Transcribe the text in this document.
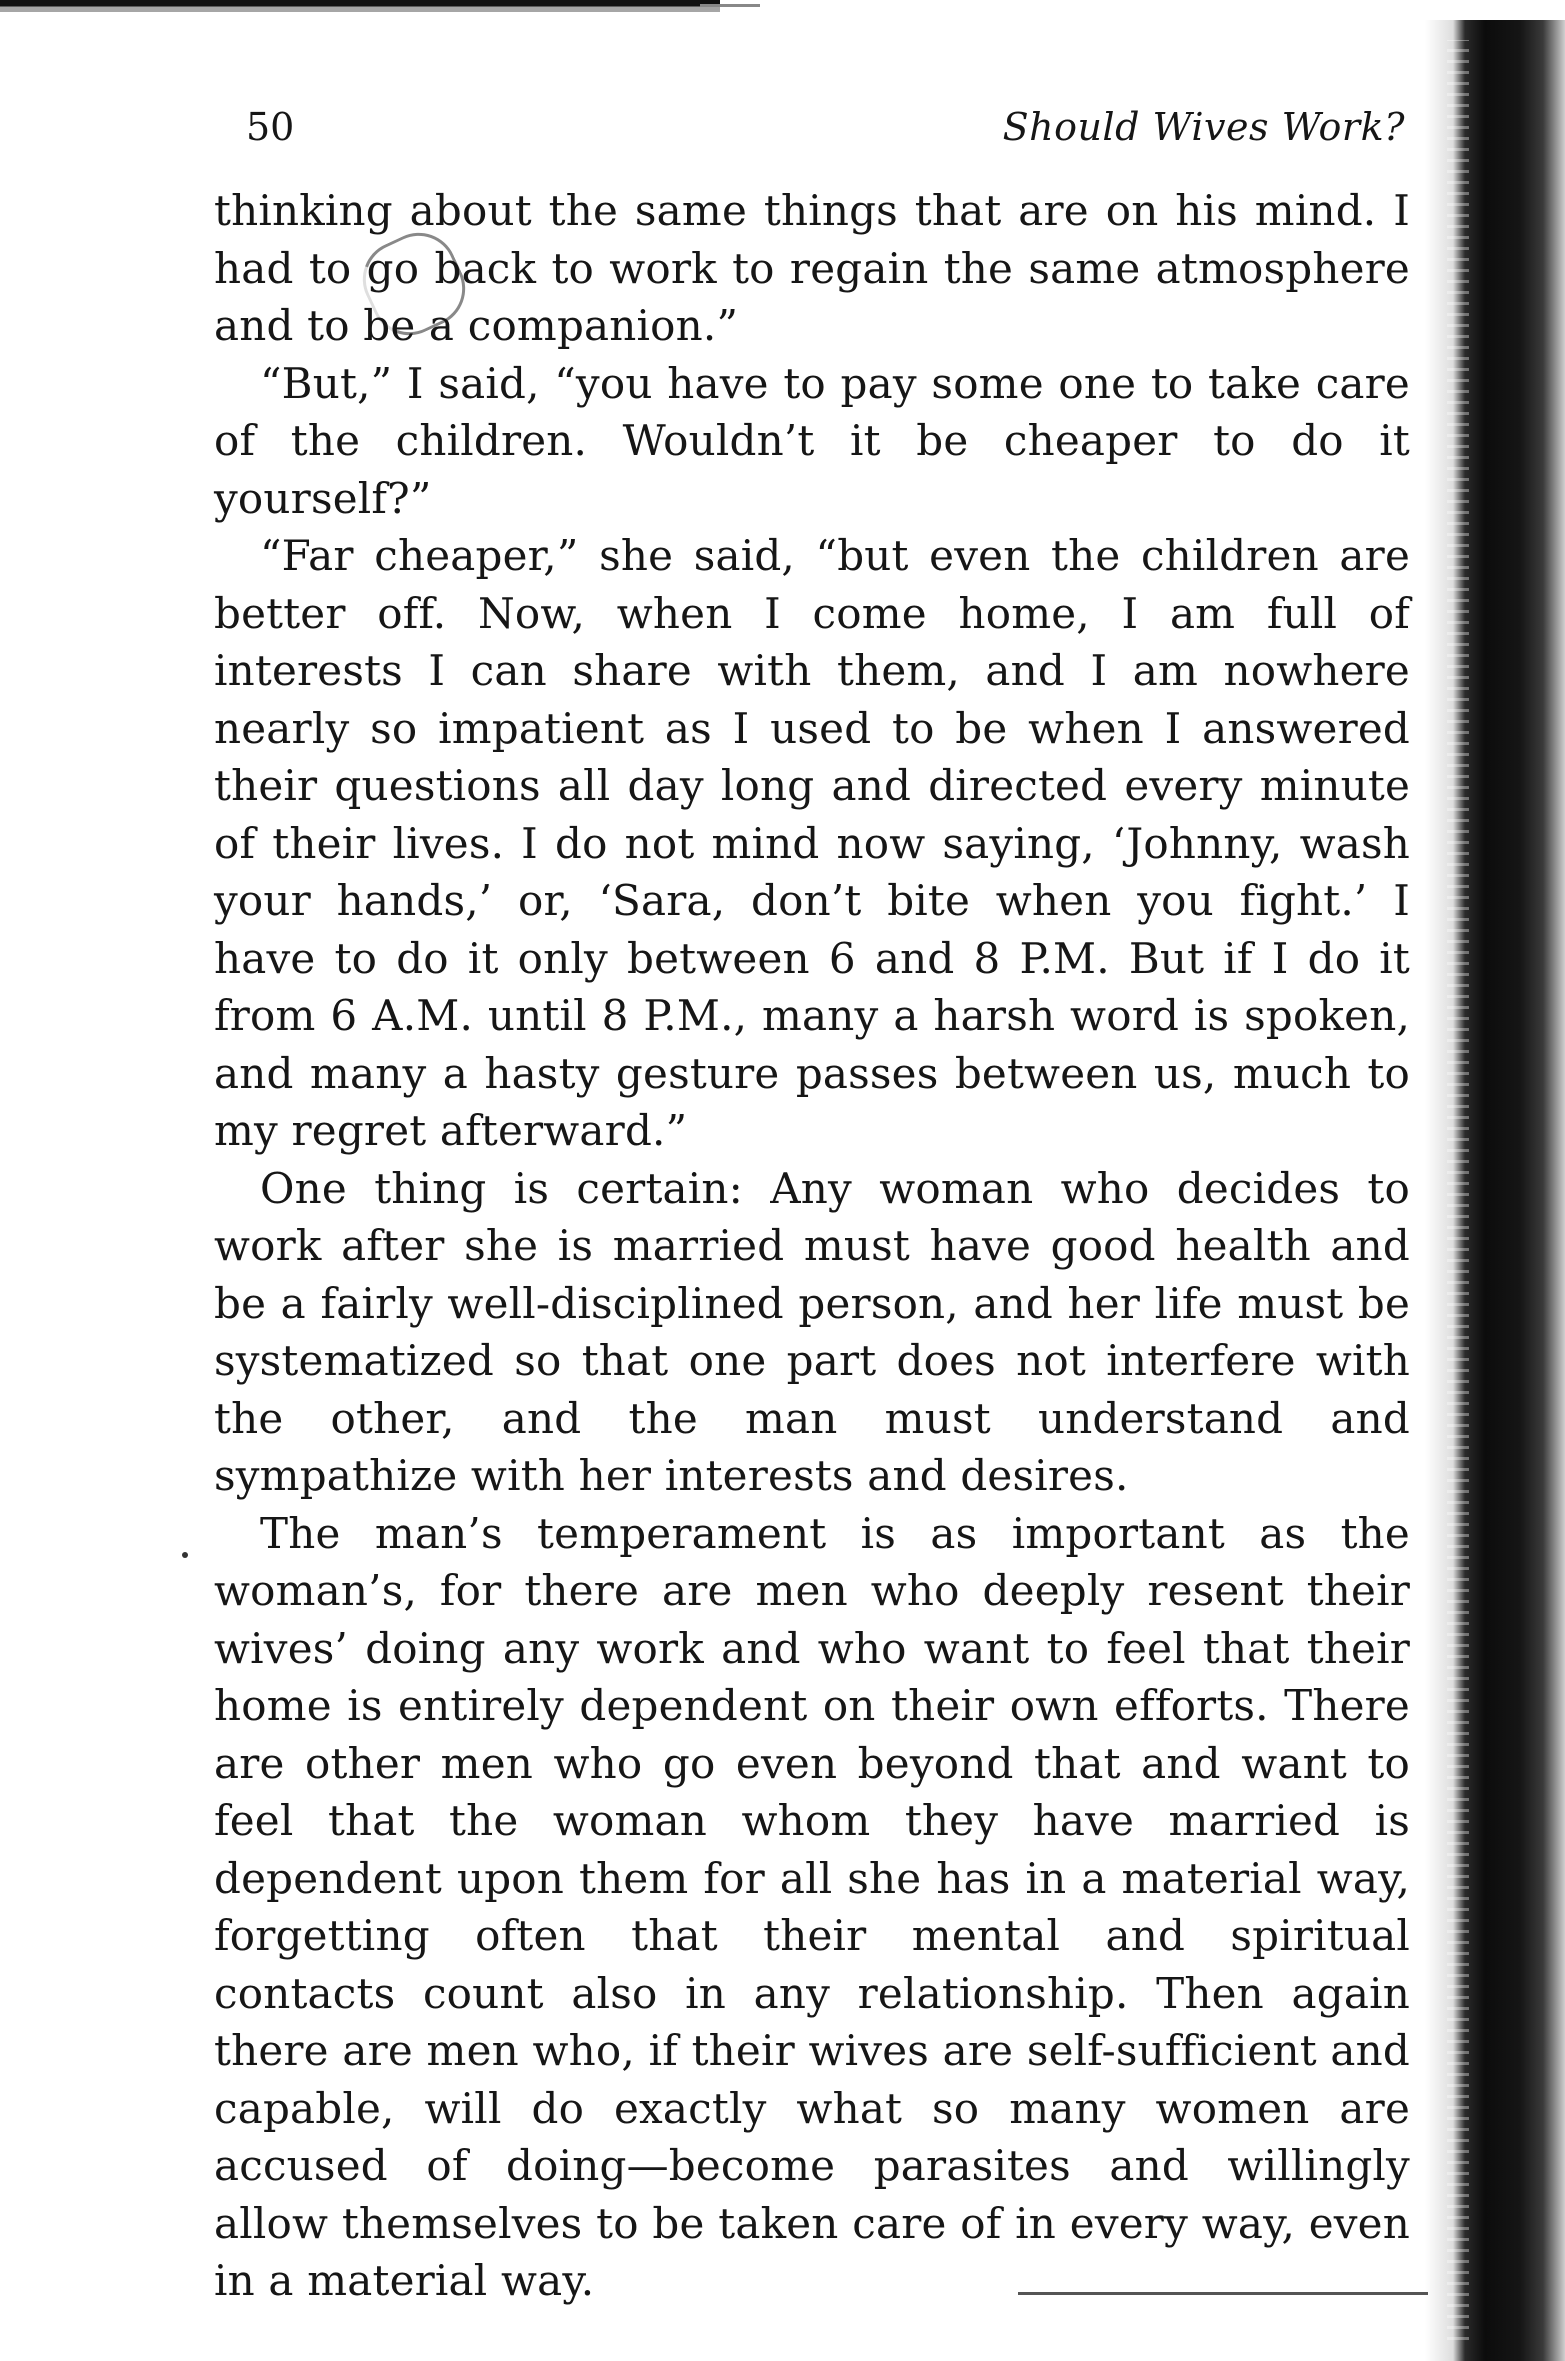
50	Should Wives Work?

thinking about the same things that are on his mind. I had to go back to work to regain the same atmosphere and to be a companion.”

“But,” I said, “you have to pay some one to take care of the children. Wouldn’t it be cheaper to do it yourself?”

“Far cheaper,” she said, “but even the children are better off. Now, when I come home, I am full of interests I can share with them, and I am nowhere nearly so impatient as I used to be when I answered their questions all day long and directed every minute of their lives. I do not mind now saying, ‘Johnny, wash your hands,’ or, ‘Sara, don’t bite when you fight.’ I have to do it only between 6 and 8 P.M. But if I do it from 6 A.M. until 8 P.M., many a harsh word is spoken, and many a hasty gesture passes between us, much to my regret afterward.”

One thing is certain: Any woman who decides to work after she is married must have good health and be a fairly well-disciplined person, and her life must be systematized so that one part does not interfere with the other, and the man must understand and sympathize with her interests and desires.

The man’s temperament is as important as the woman’s, for there are men who deeply resent their wives’ doing any work and who want to feel that their home is entirely dependent on their own efforts. There are other men who go even beyond that and want to feel that the woman whom they have married is dependent upon them for all she has in a material way, forgetting often that their mental and spiritual contacts count also in any relationship. Then again there are men who, if their wives are self-sufficient and capable, will do exactly what so many women are accused of doing—become parasites and willingly allow themselves to be taken care of in every way, even in a material way.
